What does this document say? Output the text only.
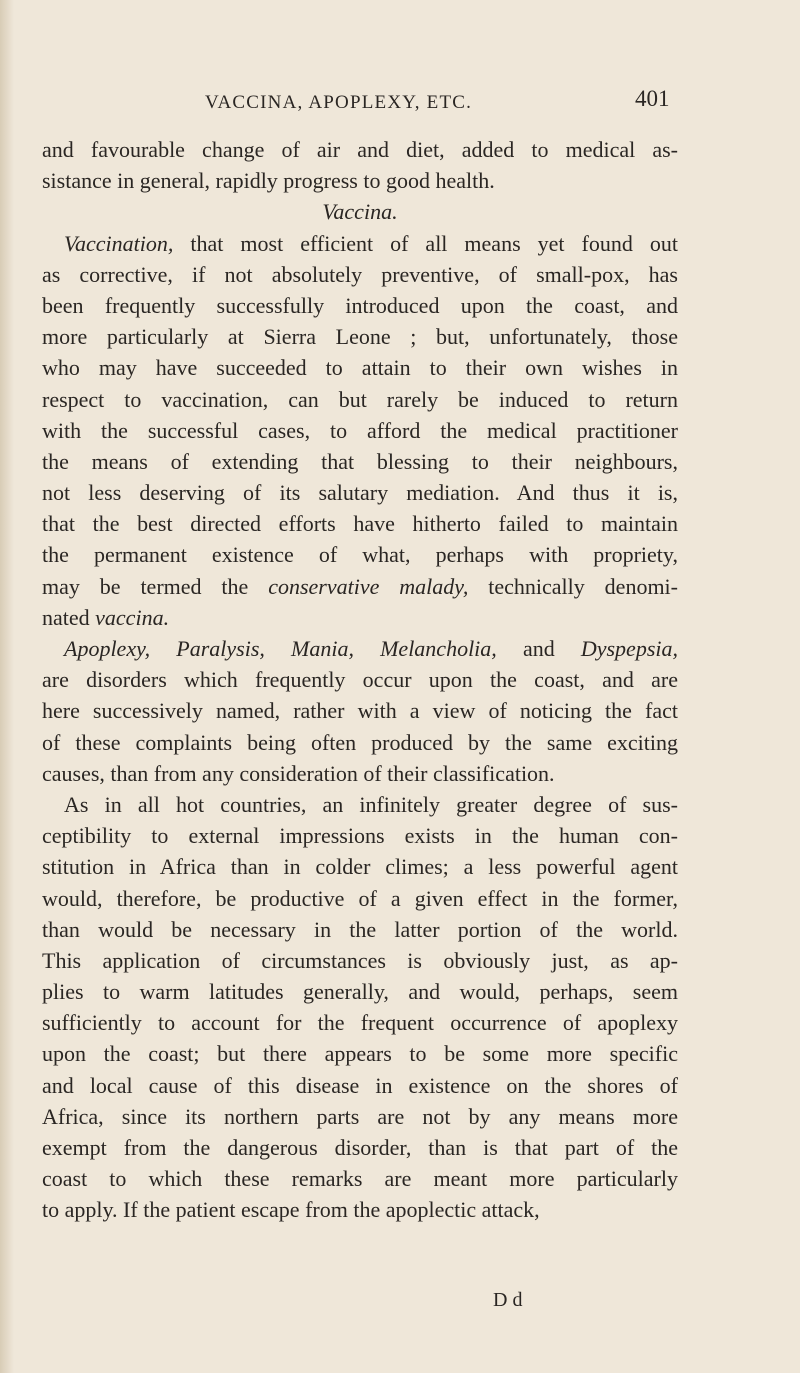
VACCINA, APOPLEXY, ETC.	401
and favourable change of air and diet, added to medical as-
sistance in general, rapidly progress to good health.
Vaccina.
Vaccination, that most efficient of all means yet found out
as corrective, if not absolutely preventive, of small-pox, has
been frequently successfully introduced upon the coast, and
more particularly at Sierra Leone ; but, unfortunately, those
who may have succeeded to attain to their own wishes in
respect to vaccination, can but rarely be induced to return
with the successful cases, to afford the medical practitioner
the means of extending that blessing to their neighbours,
not less deserving of its salutary mediation. And thus it is,
that the best directed efforts have hitherto failed to maintain
the permanent existence of what, perhaps with propriety,
may be termed the conservative malady, technically denomi-
nated vaccina.
Apoplexy, Paralysis, Mania, Melancholia, and Dyspepsia,
are disorders which frequently occur upon the coast, and are
here successively named, rather with a view of noticing the fact
of these complaints being often produced by the same exciting
causes, than from any consideration of their classification.
As in all hot countries, an infinitely greater degree of sus-
ceptibility to external impressions exists in the human con-
stitution in Africa than in colder climes; a less powerful agent
would, therefore, be productive of a given effect in the former,
than would be necessary in the latter portion of the world.
This application of circumstances is obviously just, as ap-
plies to warm latitudes generally, and would, perhaps, seem
sufficiently to account for the frequent occurrence of apoplexy
upon the coast; but there appears to be some more specific
and local cause of this disease in existence on the shores of
Africa, since its northern parts are not by any means more
exempt from the dangerous disorder, than is that part of the
coast to which these remarks are meant more particularly
to apply. If the patient escape from the apoplectic attack,
D d
